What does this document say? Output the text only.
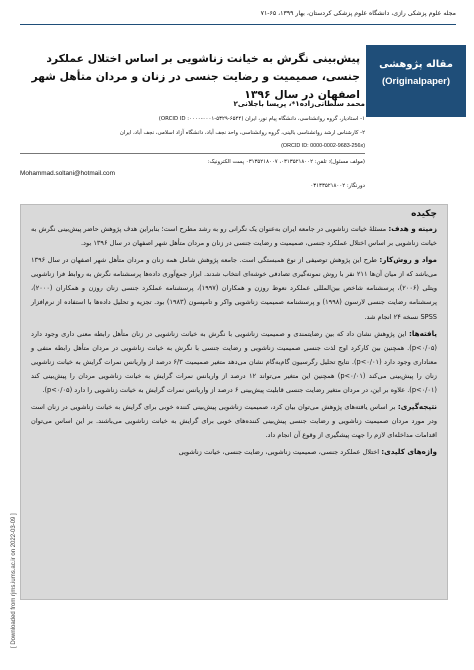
مجله علوم پزشکی رازی، دانشگاه علوم پزشکی کردستان، بهار ۱۳۹۹، ۶۵-۷۱
مقاله پژوهشی
(Originalpaper)
پیش‌بینی نگرش به خیانت زناشویی بر اساس اختلال عملکرد جنسی، صمیمیت و رضایت جنسی در زنان و مردان متأهل شهر اصفهان در سال ۱۳۹۶
محمد سلطانی‌زاده‌۱*، پریسا باجلانی۲
۱- استادیار، گروه روانشناسی، دانشگاه پیام نور، ایران (۶۵۴۴-۵۳۲۹-۰۰۰۱-۰۰۰۰: ORCID ID)
۲- کارشناس ارشد روانشناسی بالینی، گروه روانشناسی، واحد نجف آباد، دانشگاه آزاد اسلامی، نجف آباد، ایران
(ORCID ID: 0000-0002-9683-256x)
(مولف مسئول): تلفن: ۰۳۱۳۵۲۱۸۰۰۲، ۰۳۱۳۵۲۱۸۰۰۷ پست الکترونیک:
Mohammad.soltani@hotmail.com
دورنگار: ۰۳۱۳۳۵۲۱۸۰۰۲
چکیده

زمینه و هدف: مسئلهٔ خیانت زناشویی در جامعه ایران به‌عنوان یک نگرانی رو به رشد مطرح است؛ بنابراین هدف پژوهش حاضر پیش‌بینی نگرش به خیانت زناشویی بر اساس اختلال عملکرد جنسی، صمیمیت و رضایت جنسی در زنان و مردان متأهل شهر اصفهان در سال ۱۳۹۶ بود.

مواد و روش‌کار: طرح این پژوهش توصیفی از نوع همبستگی است. جامعه پژوهش شامل همه زنان و مردان متأهل شهر اصفهان در سال ۱۳۹۶ می‌باشد که از میان آن‌ها ۲۱۱ نفر با روش نمونه‌گیری تصادفی خوشه‌ای انتخاب شدند. ابزار جمع‌آوری داده‌ها پرسشنامه نگرش به روابط فرا زناشویی ویتلی (۲۰۰۶)، پرسشنامه شاخص بین‌المللی عملکرد نعوظ روزن و همکاران (۱۹۹۷)، پرسشنامه عملکرد جنسی زنان روزن و همکاران (۲۰۰۰)، پرسشنامه رضایت جنسی لارسون (۱۹۹۸) و پرسشنامه صمیمیت زناشویی واکر و تامپسون (۱۹۸۳) بود. تجزیه و تحلیل داده‌ها با استفاده از نرم‌افزار SPSS نسخه ۲۴ انجام شد.

یافته‌ها: این پژوهش نشان داد که بین رضایتمندی و صمیمیت زناشویی با نگرش به خیانت زناشویی در زنان متأهل رابطه معنی داری وجود دارد (p<۰/۰۵). همچنین بین کارکرد اوج لذت جنسی صمیمیت زناشویی و رضایت جنسی با نگرش به خیانت زناشویی در مردان متأهل رابطه منفی و معناداری وجود دارد (p<۰/۰۱). نتایج تحلیل رگرسیون گام‌به‌گام نشان می‌دهد متغیر صمیمیت ۶/۳ درصد از واریانس نمرات گرایش به خیانت زناشویی زنان را پیش‌بینی می‌کند (p<۰/۰۱) همچنین این متغیر می‌تواند ۱۲ درصد از واریانس نمرات گرایش به خیانت زناشویی مردان را پیش‌بینی کند (p<۰/۰۱). علاوه بر این، در مردان متغیر رضایت جنسی قابلیت پیش‌بینی ۶ درصد از واریانس نمرات گرایش به خیانت زناشویی را دارد (p<۰/۰۵).

نتیجه‌گیری: بر اساس یافته‌های پژوهش می‌توان بیان کرد، صمیمیت زناشویی پیش‌بینی کننده خوبی برای گرایش به خیانت زناشویی در زنان است ودر مورد مردان صمیمیت زناشویی و رضایت جنسی پیش‌بینی کننده‌های خوبی برای گرایش به خیانت زناشویی می‌باشند. بر این اساس می‌توان اقدامات مداخله‌ای لازم را جهت پیشگیری از وقوع آن انجام داد.

واژه‌های کلیدی: اختلال عملکرد جنسی، صمیمیت زناشویی، رضایت جنسی، خیانت زناشویی

[ Downloaded from rjms.iums.ac.ir on 2022-03-09 ]
